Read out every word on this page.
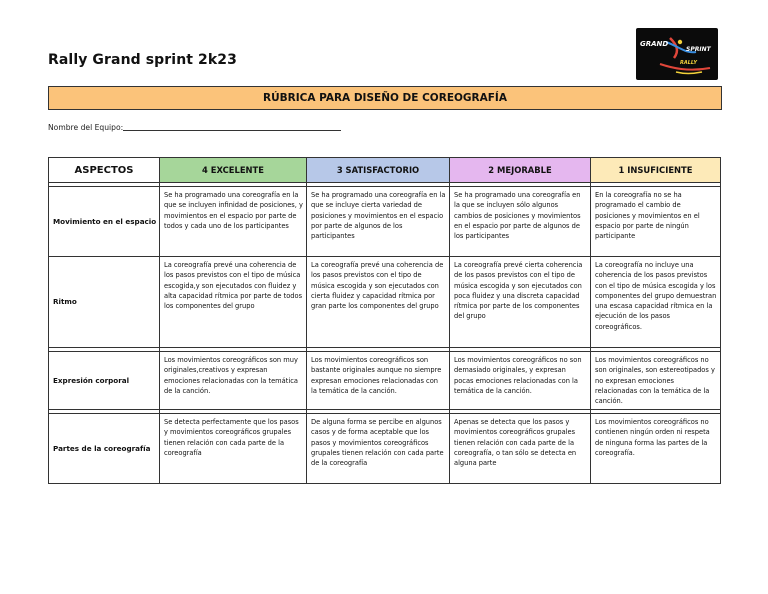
Rally Grand sprint 2k23
GRAND
SPRINT
RALLY
RÚBRICA PARA DISEÑO DE COREOGRAFÍA
Nombre del Equipo:
ASPECTOS	4 EXCELENTE	3 SATISFACTORIO	2 MEJORABLE	1 INSUFICIENTE

Movimiento en el espacio	Se ha programado una coreografía en la que se incluyen infinidad de posiciones, y movimientos en el espacio por parte de todos y cada uno de los participantes	Se ha programado una coreografía en la que se incluye cierta variedad de posiciones y movimientos en el espacio por parte de algunos de los participantes	Se ha programado una coreografía en la que se incluyen sólo algunos cambios de posiciones y movimientos en el espacio por parte de algunos de los participantes	En la coreografía no se ha programado el cambio de posiciones y movimientos en el espacio por parte de ningún participante
Ritmo	La coreografía prevé una coherencia de los pasos previstos con el tipo de música escogida,y son ejecutados con fluidez y alta capacidad rítmica por parte de todos los componentes del grupo	La coreografía prevé una coherencia de los pasos previstos con el tipo de música escogida y son ejecutados con cierta fluidez y capacidad rítmica por gran parte los componentes del grupo	La coreografía prevé cierta coherencia de los pasos previstos con el tipo de música escogida y son ejecutados con poca fluidez y una discreta capacidad rítmica por parte de los componentes del grupo	La coreografía no incluye una coherencia de los pasos previstos con el tipo de música escogida y los componentes del grupo demuestran una escasa capacidad rítmica en la ejecución de los pasos coreográficos.

Expresión corporal	Los movimientos coreográficos son muy originales,creativos y expresan emociones relacionadas con la temática de la canción.	Los movimientos coreográficos son bastante originales aunque no siempre expresan emociones relacionadas con la temática de la canción.	Los movimientos coreográficos no son demasiado originales, y expresan pocas emociones relacionadas con la temática de la canción.	Los movimientos coreográficos no son originales, son estereotipados y no expresan emociones relacionadas con la temática de la canción.

Partes de la coreografía	Se detecta perfectamente que los pasos y movimientos coreográficos grupales tienen relación con cada parte de la coreografía	De alguna forma se percibe en algunos casos y de forma aceptable que los pasos y movimientos coreográficos grupales tienen relación con cada parte de la coreografía	Apenas se detecta que los pasos y movimientos coreográficos grupales tienen relación con cada parte de la coreografía, o tan sólo se detecta en alguna parte	Los movimientos coreográficos no contienen ningún orden ni respeta de ninguna forma las partes de la coreografía.
